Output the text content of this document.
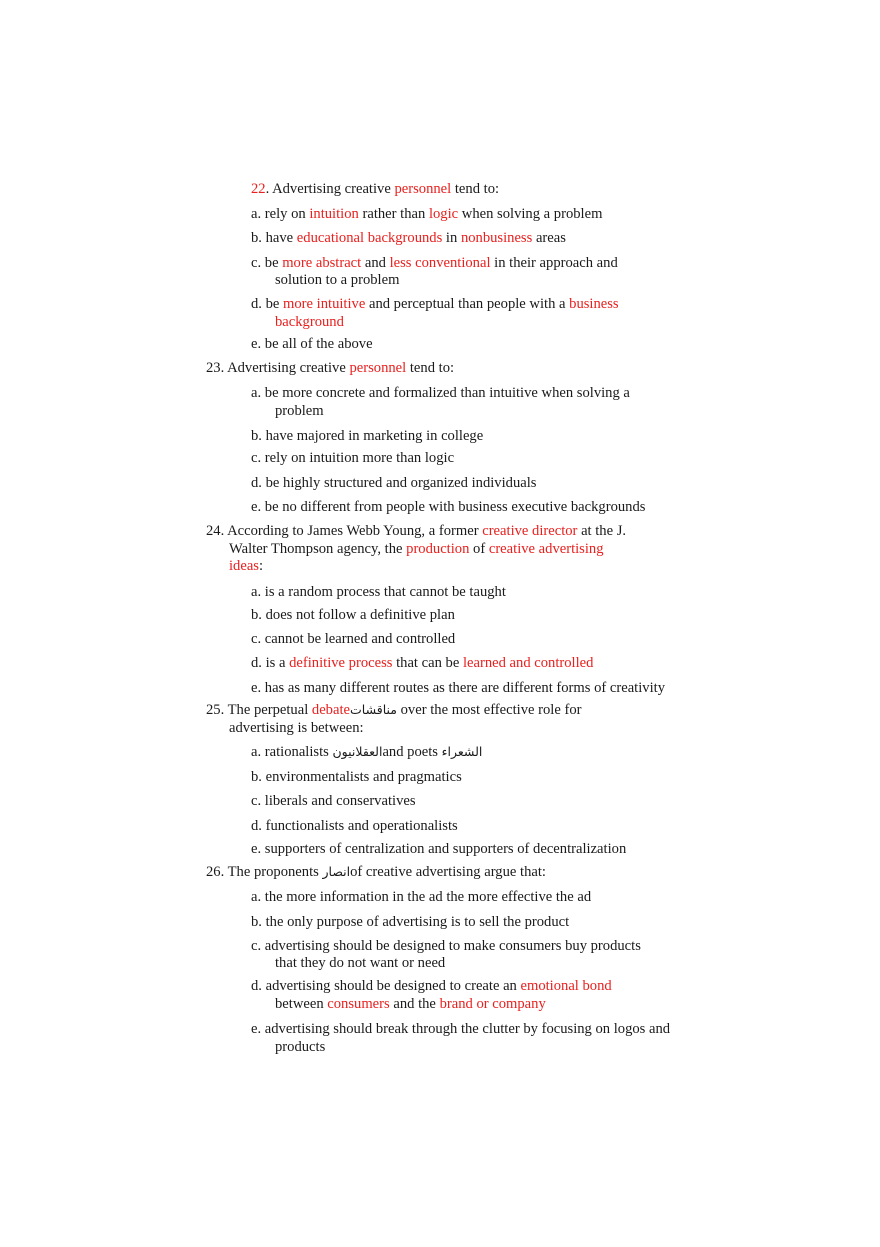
22. Advertising creative personnel tend to:
a. rely on intuition rather than logic when solving a problem
b. have educational backgrounds in nonbusiness areas
c. be more abstract and less conventional in their approach and
solution to a problem
d. be more intuitive and perceptual than people with a business
background
e. be all of the above
23. Advertising creative personnel tend to:
a. be more concrete and formalized than intuitive when solving a
problem
b. have majored in marketing in college
c. rely on intuition more than logic
d. be highly structured and organized individuals
e. be no different from people with business executive backgrounds
24. According to James Webb Young, a former creative director at the J.
Walter Thompson agency, the production of creative advertising
ideas:
a. is a random process that cannot be taught
b. does not follow a definitive plan
c. cannot be learned and controlled
d. is a definitive process that can be learned and controlled
e. has as many different routes as there are different forms of creativity
25. The perpetual debateمناقشات over the most effective role for
advertising is between:
a. rationalists العقلانيونand poets الشعراء
b. environmentalists and pragmatics
c. liberals and conservatives
d. functionalists and operationalists
e. supporters of centralization and supporters of decentralization
26. The proponents انصارof creative advertising argue that:
a. the more information in the ad the more effective the ad
b. the only purpose of advertising is to sell the product
c. advertising should be designed to make consumers buy products
that they do not want or need
d. advertising should be designed to create an emotional bond
between consumers and the brand or company
e. advertising should break through the clutter by focusing on logos and
products
